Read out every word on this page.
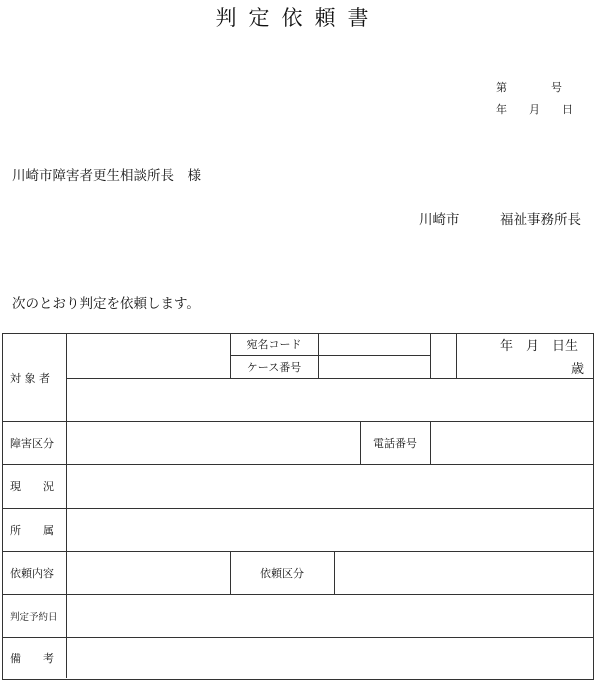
判定依頼書
第　　　　号
年　　月　　日
川崎市障害者更生相談所長　様
川崎市　　　福祉事務所長
次のとおり判定を依頼します。
対 象 者
宛名コード
ケース番号
年　月　日生
歳
障害区分	電話番号
現　　況
所　　属
依頼内容	依頼区分
判定予約日
備　　考
